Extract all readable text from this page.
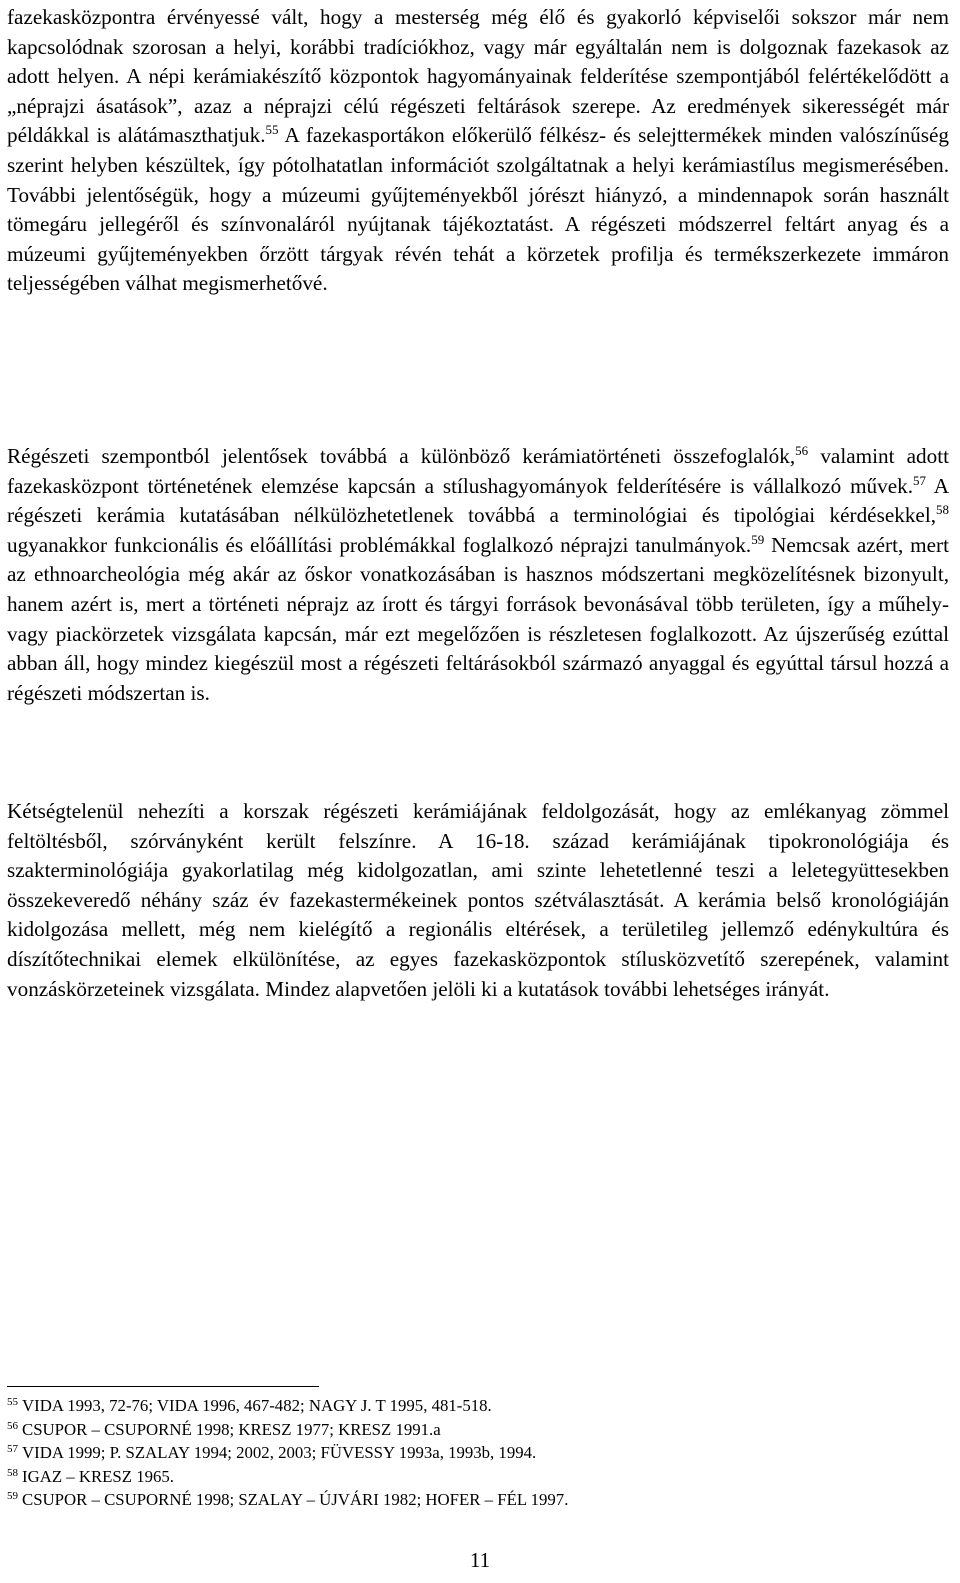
fazekasközpontra érvényessé vált, hogy a mesterség még élő és gyakorló képviselői sokszor már nem kapcsolódnak szorosan a helyi, korábbi tradíciókhoz, vagy már egyáltalán nem is dolgoznak fazekasok az adott helyen. A népi kerámiakészítő központok hagyományainak felderítése szempontjából felértékelődött a „néprajzi ásatások”, azaz a néprajzi célú régészeti feltárások szerepe. Az eredmények sikerességét már példákkal is alátámaszthatjuk.$^{55}$ A fazekasportákon előkerülő félkész- és selejttermékek minden valószínűség szerint helyben készültek, így pótolhatatlan információt szolgáltatnak a helyi kerámiastílus megismerésében. További jelentőségük, hogy a múzeumi gyűjteményekből jórészt hiányzó, a mindennapok során használt tömegáru jellegéről és színvonaláról nyújtanak tájékoztatást. A régészeti módszerrel feltárt anyag és a múzeumi gyűjteményekben őrzött tárgyak révén tehát a körzetek profilja és termékszerkezete immáron teljességében válhat megismerhetővé.

Régészeti szempontból jelentősek továbbá a különböző kerámiatörténeti összefoglalók,$^{56}$ valamint adott fazekasközpont történetének elemzése kapcsán a stílushagyományok felderítésére is vállalkozó művek.$^{57}$ A régészeti kerámia kutatásában nélkülözhetetlenek továbbá a terminológiai és tipológiai kérdésekkel,$^{58}$ ugyanakkor funkcionális és előállítási problémákkal foglalkozó néprajzi tanulmányok.$^{59}$ Nemcsak azért, mert az ethnoarcheológia még akár az őskor vonatkozásában is hasznos módszertani megközelítésnek bizonyult, hanem azért is, mert a történeti néprajz az írott és tárgyi források bevonásával több területen, így a műhely- vagy piackörzetek vizsgálata kapcsán, már ezt megelőzően is részletesen foglalkozott. Az újszerűség ezúttal abban áll, hogy mindez kiegészül most a régészeti feltárásokból származó anyaggal és egyúttal társul hozzá a régészeti módszertan is.

Kétségtelenül nehezíti a korszak régészeti kerámiájának feldolgozását, hogy az emlékanyag zömmel feltöltésből, szórványként került felszínre. A 16-18. század kerámiájának tipokronológiája és szakterminológiája gyakorlatilag még kidolgozatlan, ami szinte lehetetlenné teszi a leletegyüttesekben összekeveredő néhány száz év fazekastermékeinek pontos szétválasztását. A kerámia belső kronológiáján kidolgozása mellett, még nem kielégítő a regionális eltérések, a területileg jellemző edénykultúra és díszítőtechnikai elemek elkülönítése, az egyes fazekasközpontok stílusközvetítő szerepének, valamint vonzáskörzeteinek vizsgálata. Mindez alapvetően jelöli ki a kutatások további lehetséges irányát.

$^{55}$ VIDA 1993, 72-76; VIDA 1996, 467-482; NAGY J. T 1995, 481-518.
$^{56}$ CSUPOR – CSUPORNÉ 1998; KRESZ 1977; KRESZ 1991.a
$^{57}$ VIDA 1999; P. SZALAY 1994; 2002, 2003; FÜVESSY 1993a, 1993b, 1994.
$^{58}$ IGAZ – KRESZ 1965.
$^{59}$ CSUPOR – CSUPORNÉ 1998; SZALAY – ÚJVÁRI 1982; HOFER – FÉL 1997.
11
